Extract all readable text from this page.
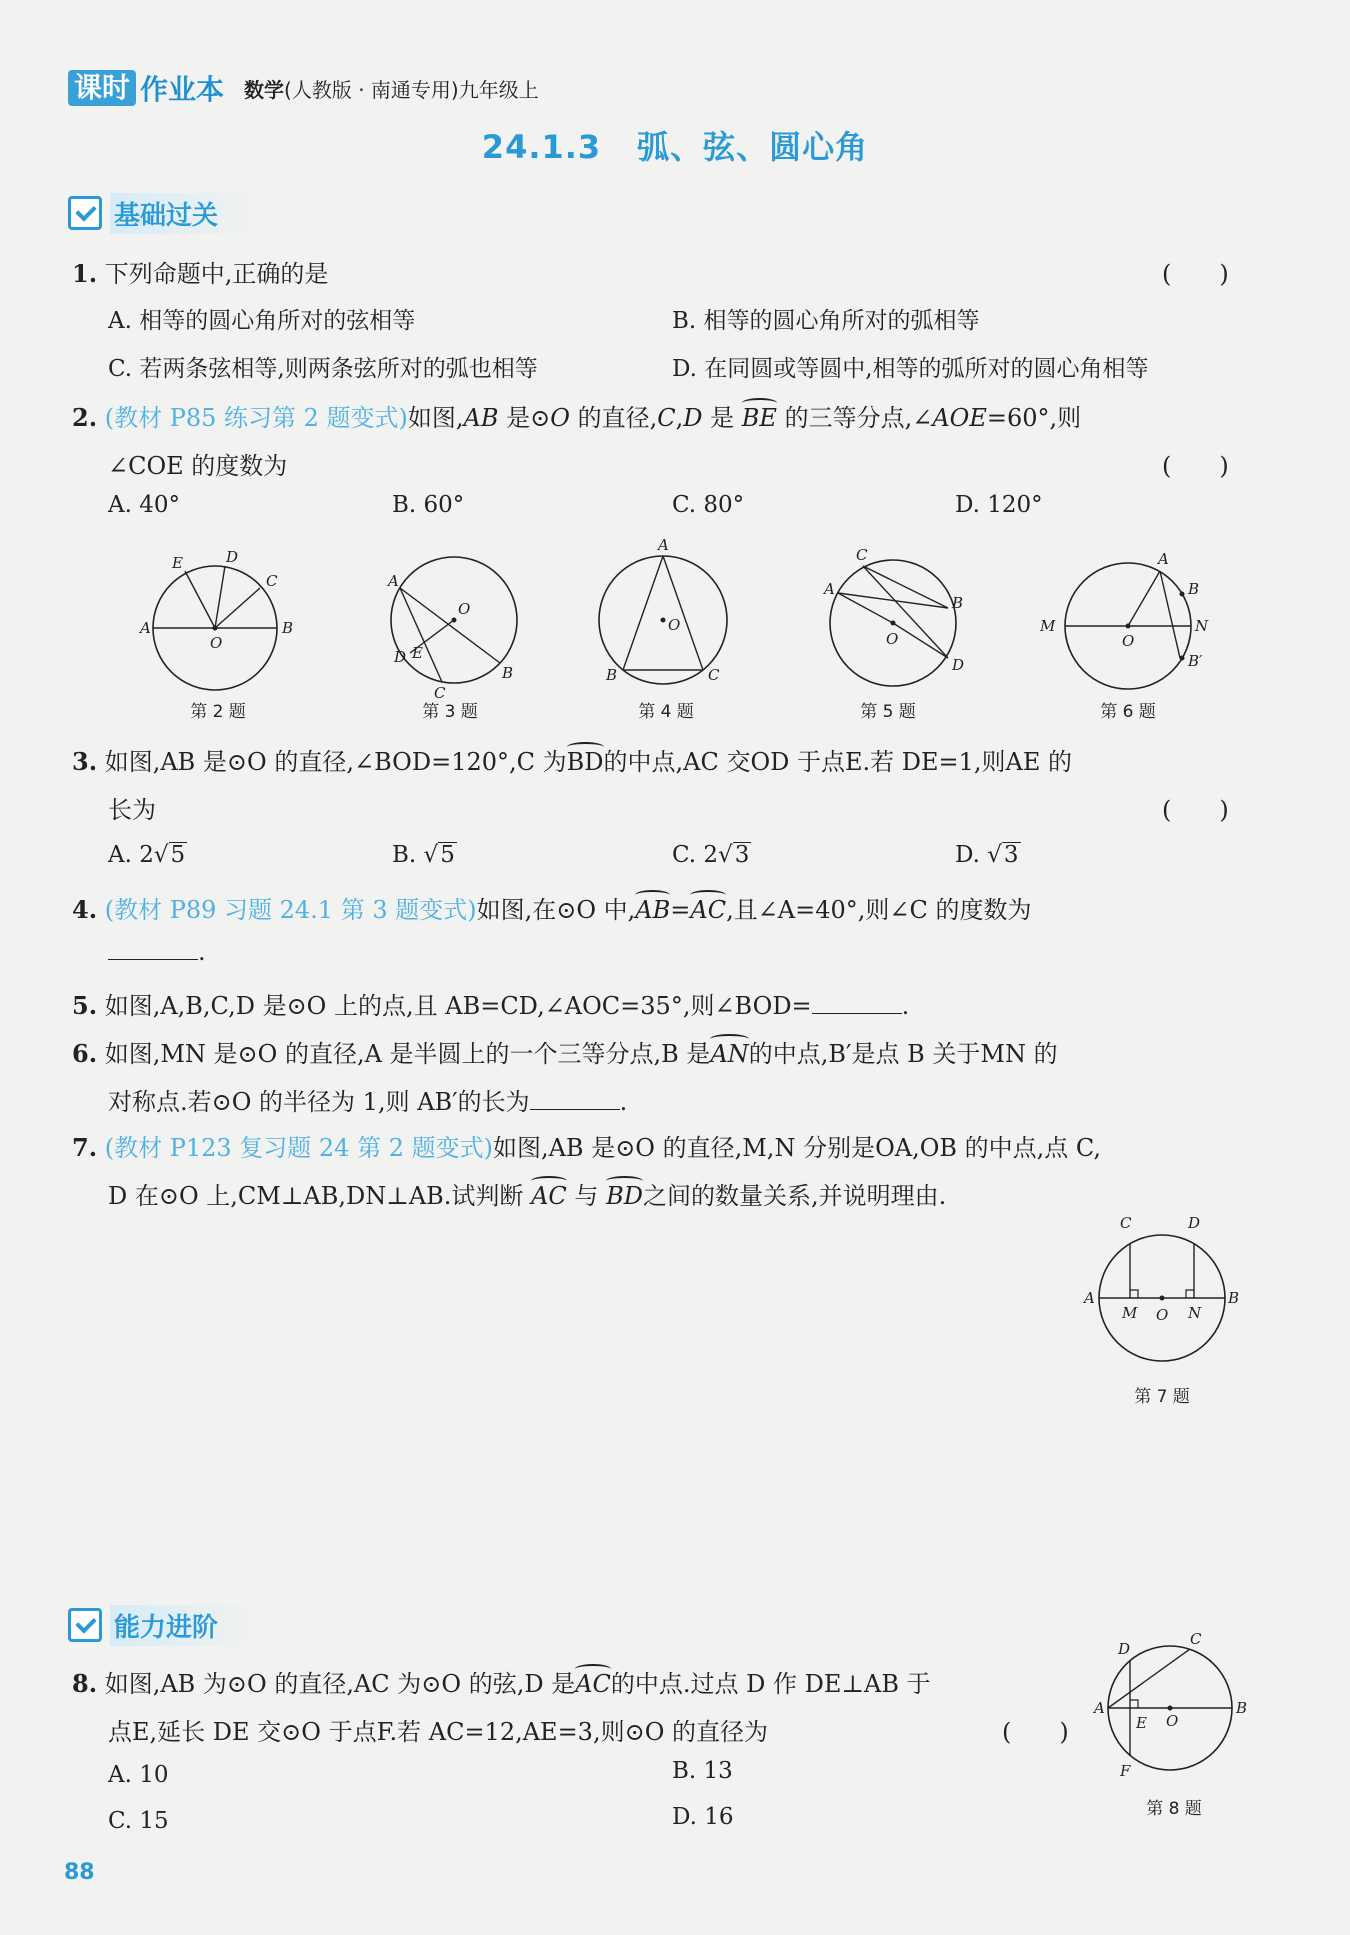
课时 作业本 数学(人教版 · 南通专用)九年级上
24.1.3 弧、弦、圆心角
基础过关
1. 下列命题中,正确的是	(　　)
A. 相等的圆心角所对的弦相等	B. 相等的圆心角所对的弧相等
C. 若两条弦相等,则两条弦所对的弧也相等	D. 在同圆或等圆中,相等的弧所对的圆心角相等
2. (教材 P85 练习第 2 题变式)如图,AB 是⊙O 的直径,C,D 是 BE 的三等分点,∠AOE=60°,则
∠COE 的度数为	(　　)
A. 40°	B. 60°	C. 80°	D. 120°
A	B
C
D
E
O
A
B
C
D E
O
A
B	C
O
C
A
B
D
O
M	N
A
B
B′
O
第 2 题	第 3 题	第 4 题	第 5 题	第 6 题
3. 如图,AB 是⊙O 的直径,∠BOD=120°,C 为BD的中点,AC 交OD 于点E.若 DE=1,则AE 的
长为	(　　)
A. 2√5	B. √5	C. 2√3	D. √3
4. (教材 P89 习题 24.1 第 3 题变式)如图,在⊙O 中,AB=AC,且∠A=40°,则∠C 的度数为
.
5. 如图,A,B,C,D 是⊙O 上的点,且 AB=CD,∠AOC=35°,则∠BOD=	.
6. 如图,MN 是⊙O 的直径,A 是半圆上的一个三等分点,B 是AN的中点,B′是点 B 关于MN 的
对称点.若⊙O 的半径为 1,则 AB′的长为	.
7. (教材 P123 复习题 24 第 2 题变式)如图,AB 是⊙O 的直径,M,N 分别是OA,OB 的中点,点 C,
D 在⊙O 上,CM⊥AB,DN⊥AB.试判断 AC 与 BD之间的数量关系,并说明理由.
C	D
A	B
M O N
第 7 题
能力进阶
8. 如图,AB 为⊙O 的直径,AC 为⊙O 的弦,D 是AC的中点.过点 D 作 DE⊥AB 于
点E,延长 DE 交⊙O 于点F.若 AC=12,AE=3,则⊙O 的直径为	(　　)
A. 10	B. 13
C. 15	D. 16
D
C
A	B
E O
F
第 8 题
88
